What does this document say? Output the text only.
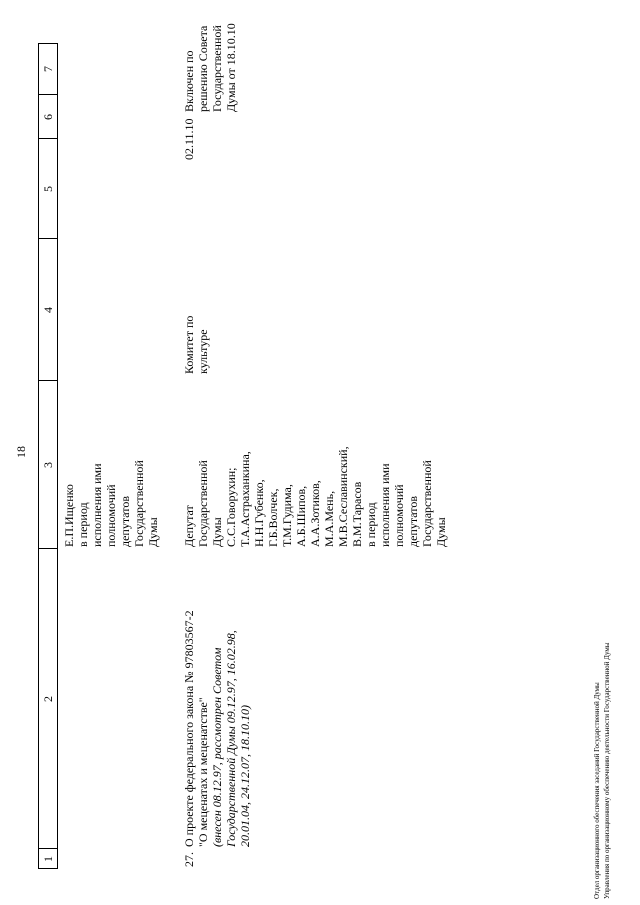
18
1
2
3
4
5
6
7
Е.П.Ищенко в период исполнения ими полномочий депутатов Государственной Думы
27.
О проекте федерального закона № 97803567-2 "О меценатах и меценатстве" (внесен 08.12.97, рассмотрен Советом Государственной Думы 09.12.97, 16.02.98, 20.01.04, 24.12.07, 18.10.10)
Депутат Государственной Думы С.С.Говорухин; Т.А.Астраханкина, Н.Н.Губенко, Г.Б.Волчек, Т.М.Гудима, А.Б.Шипов, А.А.Зотиков, М.А.Мень, М.В.Сеславинский, В.М.Тарасов в период исполнения ими полномочий депутатов Государственной Думы
Комитет по культуре
02.11.10
Включен по решению Совета Государственной Думы от 18.10.10
Отдел организационного обеспечения заседаний Государственной Думы Управления по организационному обеспечению деятельности Государственной Думы
